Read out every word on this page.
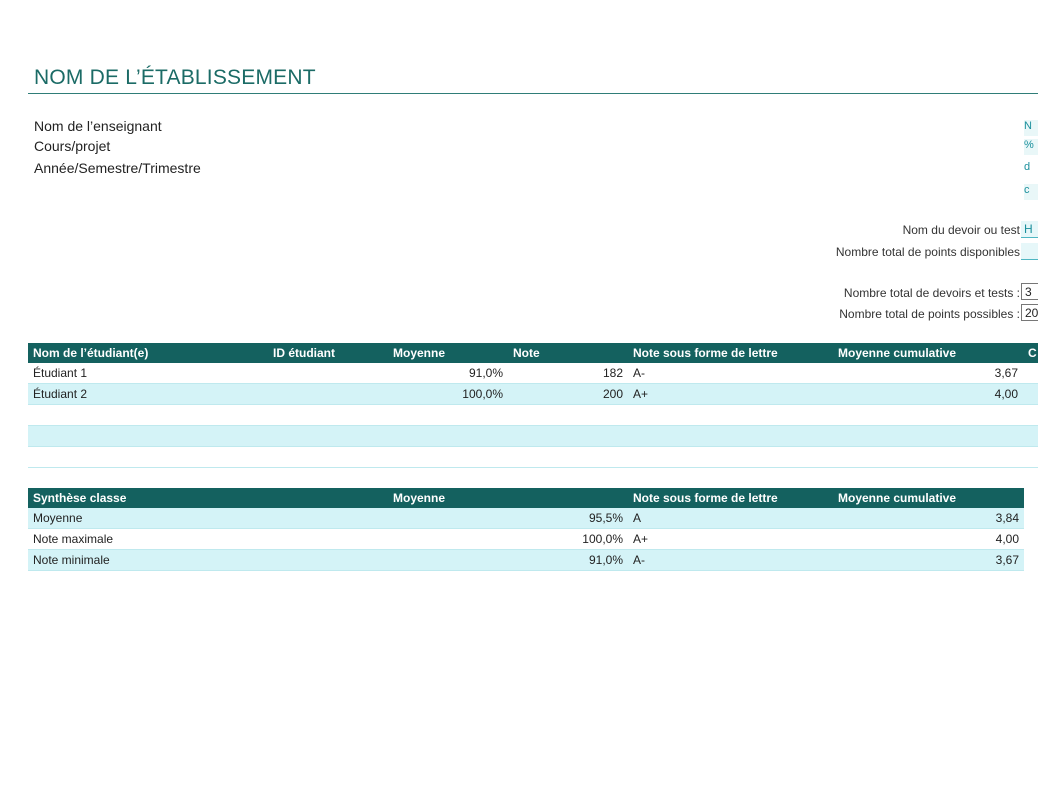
NOM DE L’ÉTABLISSEMENT
Nom de l’enseignant
Cours/projet
Année/Semestre/Trimestre
N
%
d
c
Nom du devoir ou test H
Nombre total de points disponibles
Nombre total de devoirs et tests : 3
Nombre total de points possibles : 20
Nom de l’étudiant(e)	ID étudiant	Moyenne	Note	Note sous forme de lettre	Moyenne cumulative	C
Étudiant 1		91,0%	182	A-	3,67	
Étudiant 2		100,0%	200	A+	4,00	

Synthèse classe	Moyenne	Note sous forme de lettre	Moyenne cumulative
Moyenne	95,5%	A	3,84
Note maximale	100,0%	A+	4,00
Note minimale	91,0%	A-	3,67
